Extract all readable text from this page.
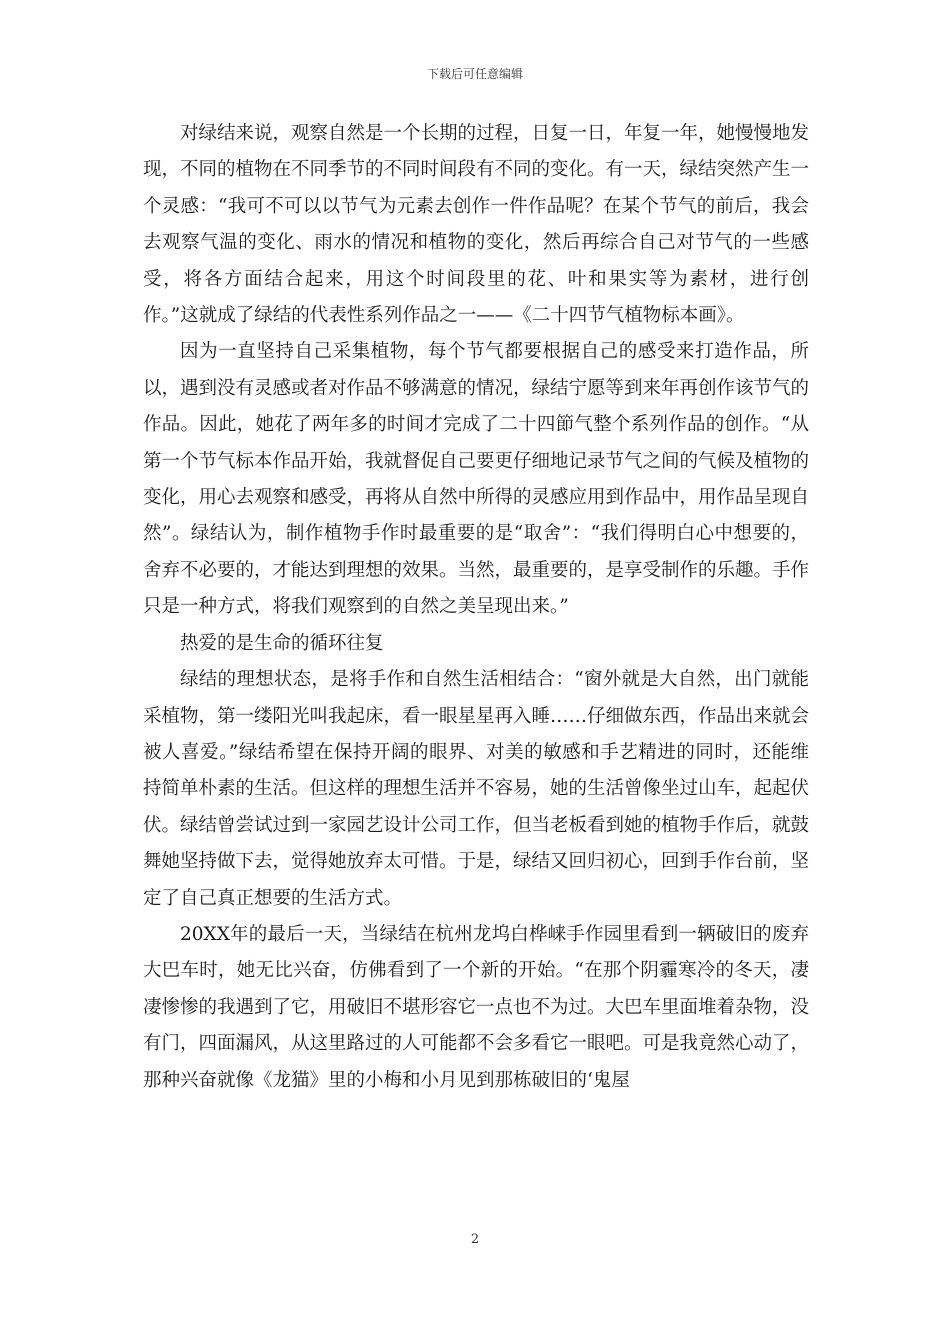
下载后可任意编辑

对绿结来说，观察自然是一个长期的过程，日复一日，年复一年，她慢慢地发现，不同的植物在不同季节的不同时间段有不同的变化。有一天，绿结突然产生一个灵感：“我可不可以以节气为元素去创作一件作品呢？在某个节气的前后，我会去观察气温的变化、雨水的情况和植物的变化，然后再综合自己对节气的一些感受，将各方面结合起来，用这个时间段里的花、叶和果实等为素材，进行创作。”这就成了绿结的代表性系列作品之一——《二十四节气植物标本画》。

因为一直坚持自己采集植物，每个节气都要根据自己的感受来打造作品，所以，遇到没有灵感或者对作品不够满意的情况，绿结宁愿等到来年再创作该节气的作品。因此，她花了两年多的时间才完成了二十四節气整个系列作品的创作。“从第一个节气标本作品开始，我就督促自己要更仔细地记录节气之间的气候及植物的变化，用心去观察和感受，再将从自然中所得的灵感应用到作品中，用作品呈现自然”。绿结认为，制作植物手作时最重要的是“取舍”：“我们得明白心中想要的，舍弃不必要的，才能达到理想的效果。当然，最重要的，是享受制作的乐趣。手作只是一种方式，将我们观察到的自然之美呈现出来。”

热爱的是生命的循环往复

绿结的理想状态，是将手作和自然生活相结合：“窗外就是大自然，出门就能采植物，第一缕阳光叫我起床，看一眼星星再入睡……仔细做东西，作品出来就会被人喜爱。”绿结希望在保持开阔的眼界、对美的敏感和手艺精进的同时，还能维持简单朴素的生活。但这样的理想生活并不容易，她的生活曾像坐过山车，起起伏伏。绿结曾尝试过到一家园艺设计公司工作，但当老板看到她的植物手作后，就鼓舞她坚持做下去，觉得她放弃太可惜。于是，绿结又回归初心，回到手作台前，坚定了自己真正想要的生活方式。

20XX年的最后一天，当绿结在杭州龙坞白桦崃手作园里看到一辆破旧的废弃大巴车时，她无比兴奋，仿佛看到了一个新的开始。“在那个阴霾寒冷的冬天，凄凄惨惨的我遇到了它，用破旧不堪形容它一点也不为过。大巴车里面堆着杂物，没有门，四面漏风，从这里路过的人可能都不会多看它一眼吧。可是我竟然心动了，那种兴奋就像《龙猫》里的小梅和小月见到那栋破旧的‘鬼屋

2
